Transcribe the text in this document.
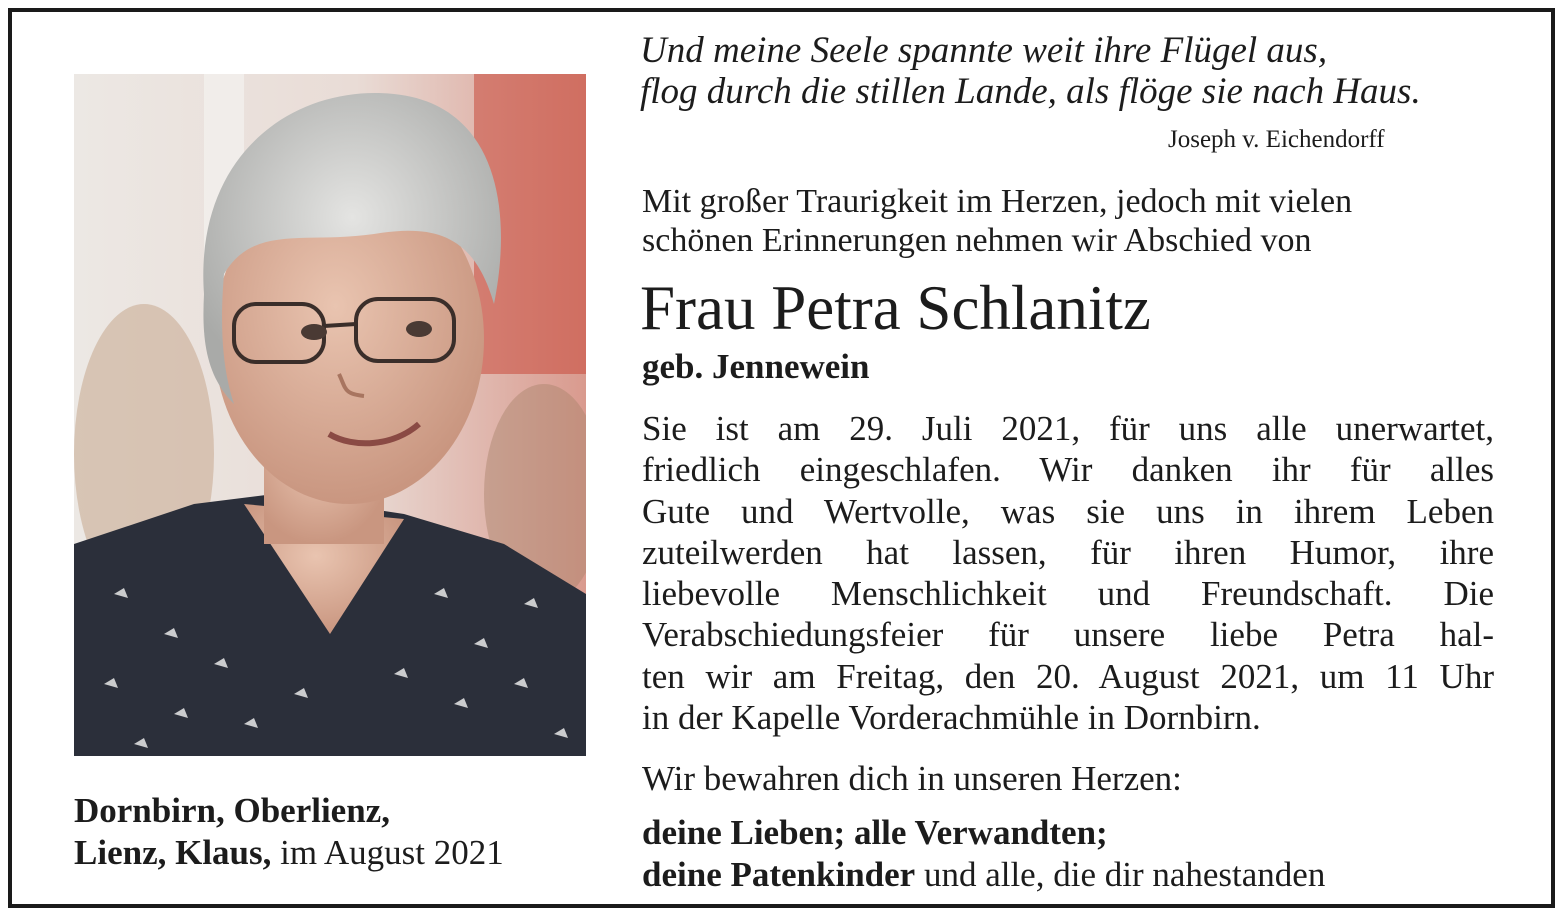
Und meine Seele spannte weit ihre Flügel aus,
flog durch die stillen Lande, als flöge sie nach Haus.
Joseph v. Eichendorff
Mit großer Traurigkeit im Herzen, jedoch mit vielen
schönen Erinnerungen nehmen wir Abschied von
Frau Petra Schlanitz
geb. Jennewein
Sie ist am 29. Juli 2021, für uns alle unerwartet,
friedlich eingeschlafen. Wir danken ihr für alles
Gute und Wertvolle, was sie uns in ihrem Leben
zuteilwerden hat lassen, für ihren Humor, ihre
liebevolle Menschlichkeit und Freundschaft. Die
Verabschiedungsfeier für unsere liebe Petra hal-
ten wir am Freitag, den 20. August 2021, um 11 Uhr
in der Kapelle Vorderachmühle in Dornbirn.
Wir bewahren dich in unseren Herzen:
deine Lieben; alle Verwandten;
deine Patenkinder und alle, die dir nahestanden
Dornbirn, Oberlienz,
Lienz, Klaus, im August 2021
